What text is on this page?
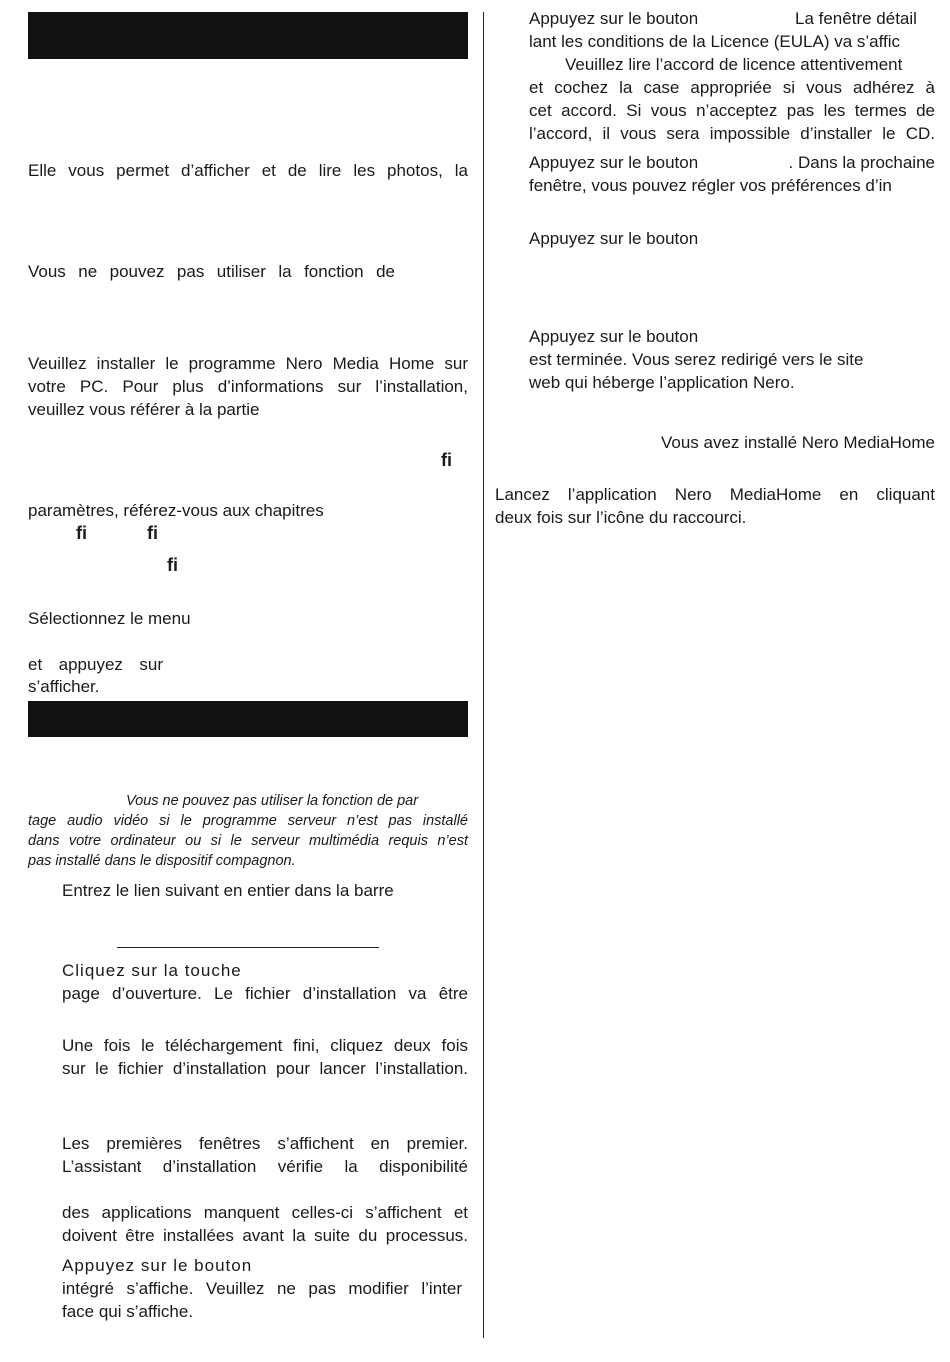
Elle vous permet d’afficher et de lire les photos, la
Vous ne pouvez pas utiliser la fonction de
Veuillez installer le programme Nero Media Home sur
votre PC. Pour plus d’informations sur l’installation,
veuillez vous référer à la partie
fi
paramètres, référez-vous aux chapitres
fi	fi
fi
Sélectionnez le menu
et appuyez sur
s’afficher.
Vous ne pouvez pas utiliser la fonction de par
tage audio vidéo si le programme serveur n’est pas installé
dans votre ordinateur ou si le serveur multimédia requis n’est
pas installé dans le dispositif compagnon.
Entrez le lien suivant en entier dans la barre
Cliquez sur la touche
page d’ouverture. Le fichier d’installation va être
Une fois le téléchargement fini, cliquez deux fois
sur le fichier d’installation pour lancer l’installation.
Les premières fenêtres s’affichent en premier.
L’assistant d’installation vérifie la disponibilité
des applications manquent celles-ci s’affichent et
doivent être installées avant la suite du processus.
Appuyez sur le bouton
intégré s’affiche. Veuillez ne pas modifier l’inter
face qui s’affiche.
Appuyez sur le bouton	La fenêtre détail
lant les conditions de la Licence (EULA) va s’affic
Veuillez lire l’accord de licence attentivement
et cochez la case appropriée si vous adhérez à
cet accord. Si vous n’acceptez pas les termes de
l’accord, il vous sera impossible d’installer le CD.
Appuyez sur le bouton	. Dans la prochaine
fenêtre, vous pouvez régler vos préférences d’in
Appuyez sur le bouton
Appuyez sur le bouton
est terminée. Vous serez redirigé vers le site
web qui héberge l’application Nero.
Vous avez installé Nero MediaHome
Lancez l’application Nero MediaHome en cliquant
deux fois sur l’icône du raccourci.
